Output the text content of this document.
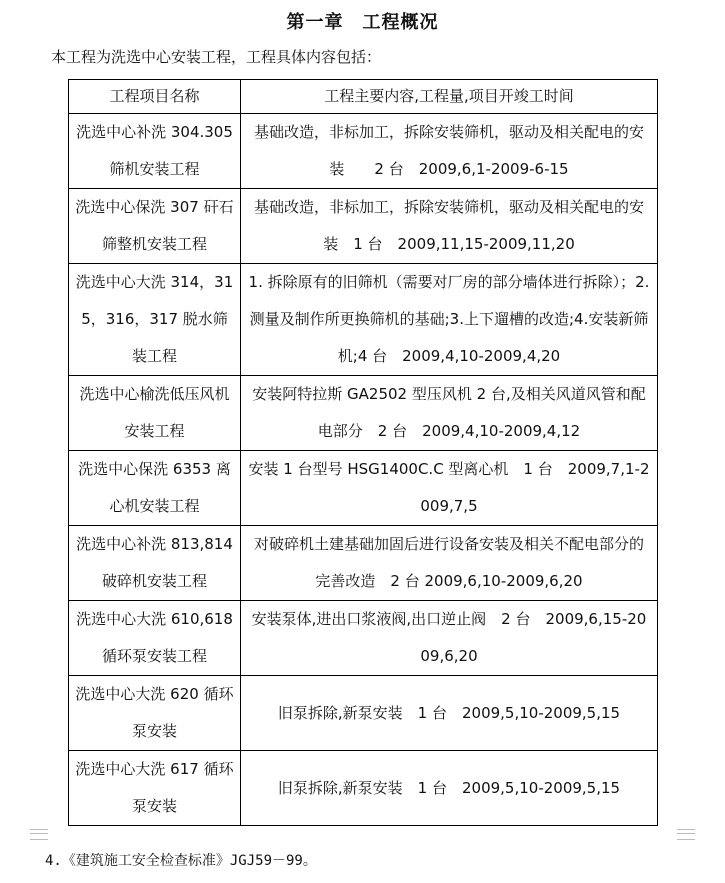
第一章　工程概况
本工程为洗选中心安装工程，工程具体内容包括：
工程项目名称	工程主要内容,工程量,项目开竣工时间
洗选中心补洗 304.305 筛机安装工程	基础改造，非标加工，拆除安装筛机，驱动及相关配电的安装　　2 台　2009,6,1-2009-6-15
洗选中心保洗 307 矸石筛整机安装工程	基础改造，非标加工，拆除安装筛机，驱动及相关配电的安装　1 台　2009,11,15-2009,11,20
洗选中心大洗 314，315，316，317 脱水筛装工程	1. 拆除原有的旧筛机（需要对厂房的部分墙体进行拆除）；2.测量及制作所更换筛机的基础;3.上下遛槽的改造;4.安装新筛机;4 台　2009,4,10-2009,4,20
洗选中心榆洗低压风机安装工程	安装阿特拉斯 GA2502 型压风机 2 台,及相关风道风管和配电部分　2 台　2009,4,10-2009,4,12
洗选中心保洗 6353 离心机安装工程	安装 1 台型号 HSG1400C.C 型离心机　1 台　2009,7,1-2009,7,5
洗选中心补洗 813,814 破碎机安装工程	对破碎机土建基础加固后进行设备安装及相关不配电部分的完善改造　2 台 2009,6,10-2009,6,20
洗选中心大洗 610,618 循环泵安装工程	安装泵体,进出口浆液阀,出口逆止阀　2 台　2009,6,15-2009,6,20
洗选中心大洗 620 循环泵安装	旧泵拆除,新泵安装　1 台　2009,5,10-2009,5,15
洗选中心大洗 617 循环泵安装	旧泵拆除,新泵安装　1 台　2009,5,10-2009,5,15
4.《建筑施工安全检查标准》JGJ59－99。
